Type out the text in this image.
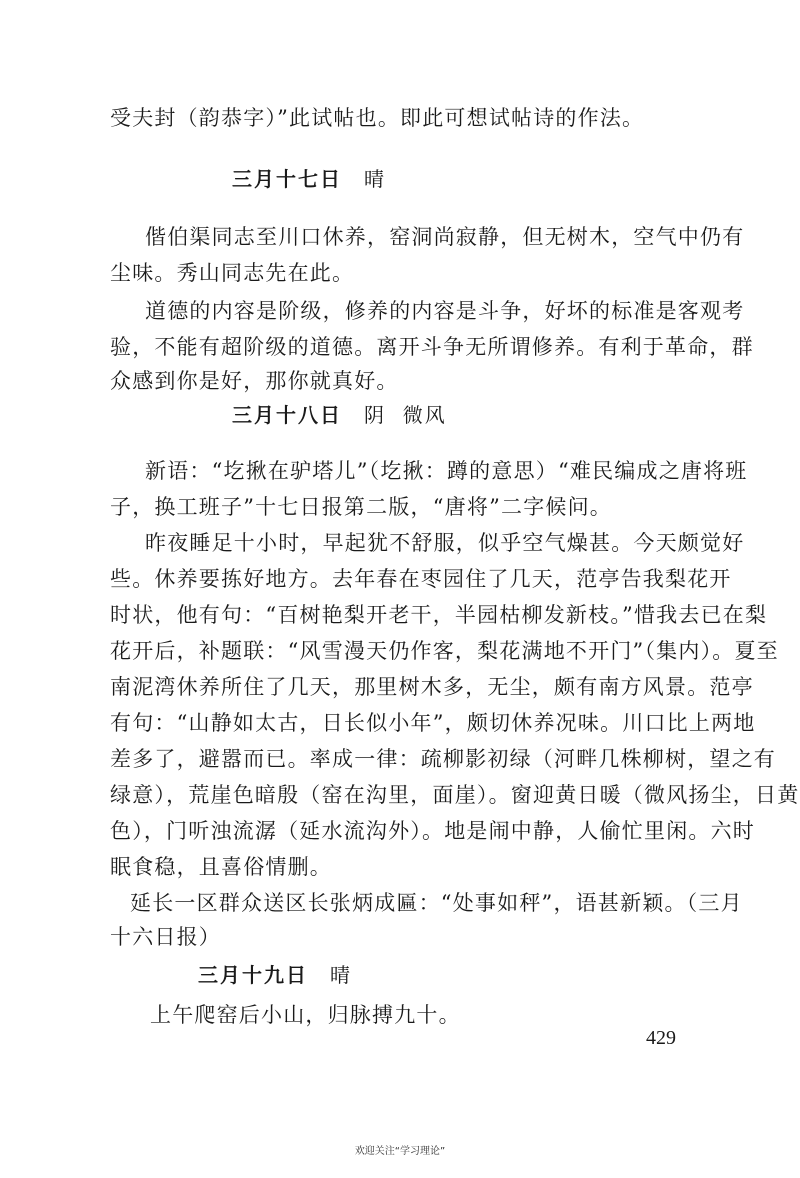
受夫封（韵恭字）”此试帖也。即此可想试帖诗的作法。
三月十七日 晴
偕伯渠同志至川口休养，窑洞尚寂静，但无树木，空气中仍有
尘味。秀山同志先在此。
道德的内容是阶级，修养的内容是斗争，好坏的标准是客观考
验，不能有超阶级的道德。离开斗争无所谓修养。有利于革命，群
众感到你是好，那你就真好。
三月十八日 阴  微风
新语：“圪揪在驴塔儿”（圪揪：蹲的意思）“难民编成之唐将班
子，换工班子”十七日报第二版，“唐将”二字候问。
昨夜睡足十小时，早起犹不舒服，似乎空气燥甚。今天颇觉好
些。休养要拣好地方。去年春在枣园住了几天，范亭告我梨花开
时状，他有句：“百树艳梨开老干，半园枯柳发新枝。”惜我去已在梨
花开后，补题联：“风雪漫天仍作客，梨花满地不开门”（集内）。夏至
南泥湾休养所住了几天，那里树木多，无尘，颇有南方风景。范亭
有句：“山静如太古，日长似小年”，颇切休养况味。川口比上两地
差多了，避嚣而已。率成一律：疏柳影初绿（河畔几株柳树，望之有
绿意），荒崖色暗殷（窑在沟里，面崖）。窗迎黄日暖（微风扬尘，日黄
色），门听浊流潺（延水流沟外）。地是闹中静，人偷忙里闲。六时
眠食稳，且喜俗情删。
延长一区群众送区长张炳成匾：“处事如秤”，语甚新颖。（三月
十六日报）
三月十九日 晴
上午爬窑后小山，归脉搏九十。
429
欢迎关注“学习理论”
